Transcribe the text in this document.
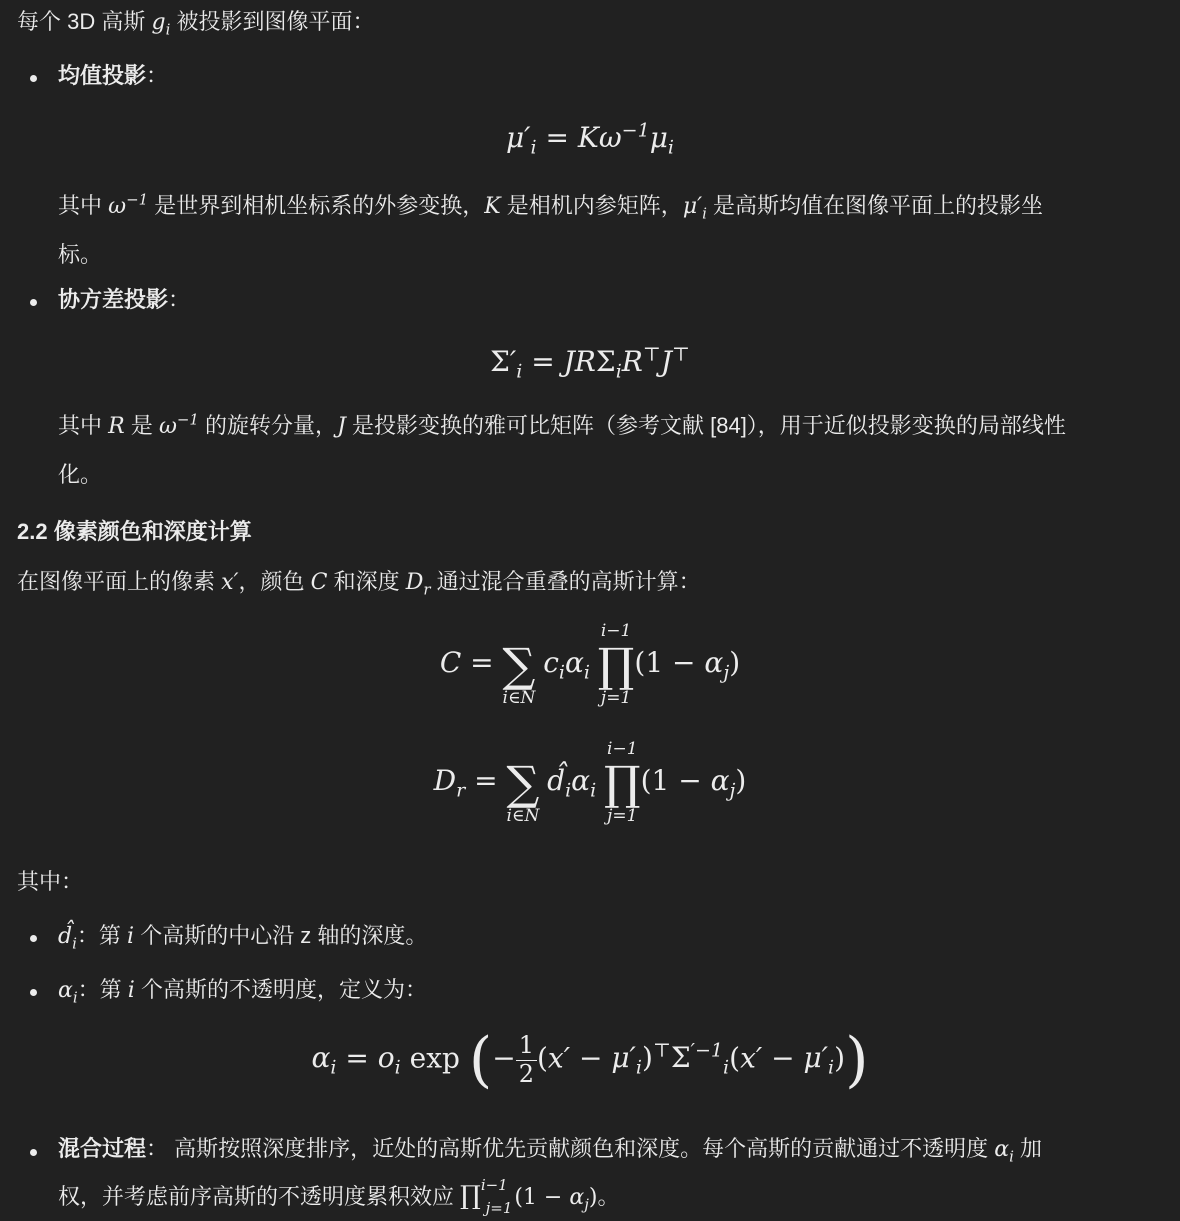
每个 3D 高斯 $g_i$ 被投影到图像平面：
均值投影：
$\mu'_i = K\omega^{-1}\mu_i$
其中 $\omega^{-1}$ 是世界到相机坐标系的外参变换，K 是相机内参矩阵，$\mu'_i$ 是高斯均值在图像平面上的投影坐
标。
协方差投影：
$\Sigma'_i = JR\Sigma_iR^⊤J^⊤$
其中 R 是 $\omega^{-1}$ 的旋转分量，J 是投影变换的雅可比矩阵（参考文献 [84]），用于近似投影变换的局部线性
化。
2.2 像素颜色和深度计算
在图像平面上的像素 x′，颜色 C 和深度 $D_r$ 通过混合重叠的高斯计算：
C =
∑
i∈N
$c_i\alpha_i$
i−1
∏
j=1
$(1 - \alpha_j)$
$D_r$ =
∑
i∈N
$d̂_i\alpha_i$
i−1
∏
j=1
$(1 - \alpha_j)$
其中：
$d̂_i$：第 i 个高斯的中心沿 z 轴的深度。
$\alpha_i$：第 i 个高斯的不透明度，定义为：
$\alpha_i = o_i$ exp (− $\frac{1}{2} (x' - \mu'_i)^⊤\Sigma^{'-1}_i(x' - \mu'_i)$)
混合过程： 高斯按照深度排序，近处的高斯优先贡献颜色和深度。每个高斯的贡献通过不透明度 $\alpha_i$ 加
权，并考虑前序高斯的不透明度累积效应 ∏$^{i-1}_{j=1}$(1 − $\alpha_j$)。
